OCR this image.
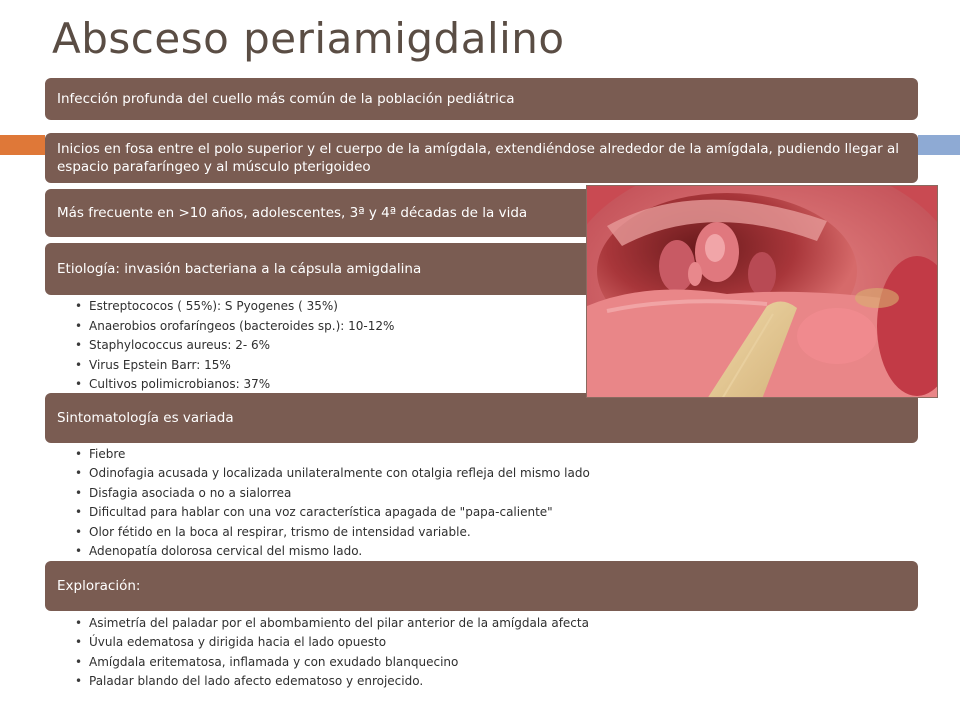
Absceso periamigdalino
Infección profunda del cuello más común de la población pediátrica
Inicios en fosa entre el polo superior y el cuerpo de la amígdala, extendiéndose alrededor de la amígdala, pudiendo llegar al espacio parafaríngeo y al músculo pterigoideo
Más frecuente en >10 años, adolescentes, 3ª y 4ª décadas de la vida
Etiología: invasión bacteriana a la cápsula amigdalina
• Estreptococos ( 55%): S Pyogenes ( 35%)
• Anaerobios orofaríngeos (bacteroides sp.): 10-12%
• Staphylococcus aureus: 2- 6%
• Virus Epstein Barr: 15%
• Cultivos polimicrobianos: 37%
Sintomatología es variada
• Fiebre
• Odinofagia acusada y localizada unilateralmente con otalgia refleja del mismo lado
• Disfagia asociada o no a sialorrea
• Dificultad para hablar con una voz característica apagada de "papa-caliente"
• Olor fétido en la boca al respirar, trismo de intensidad variable.
• Adenopatía dolorosa cervical del mismo lado.
Exploración:
• Asimetría del paladar por el abombamiento del pilar anterior de la amígdala afecta
• Úvula edematosa y dirigida hacia el lado opuesto
• Amígdala eritematosa, inflamada y con exudado blanquecino
• Paladar blando del lado afecto edematoso y enrojecido.
